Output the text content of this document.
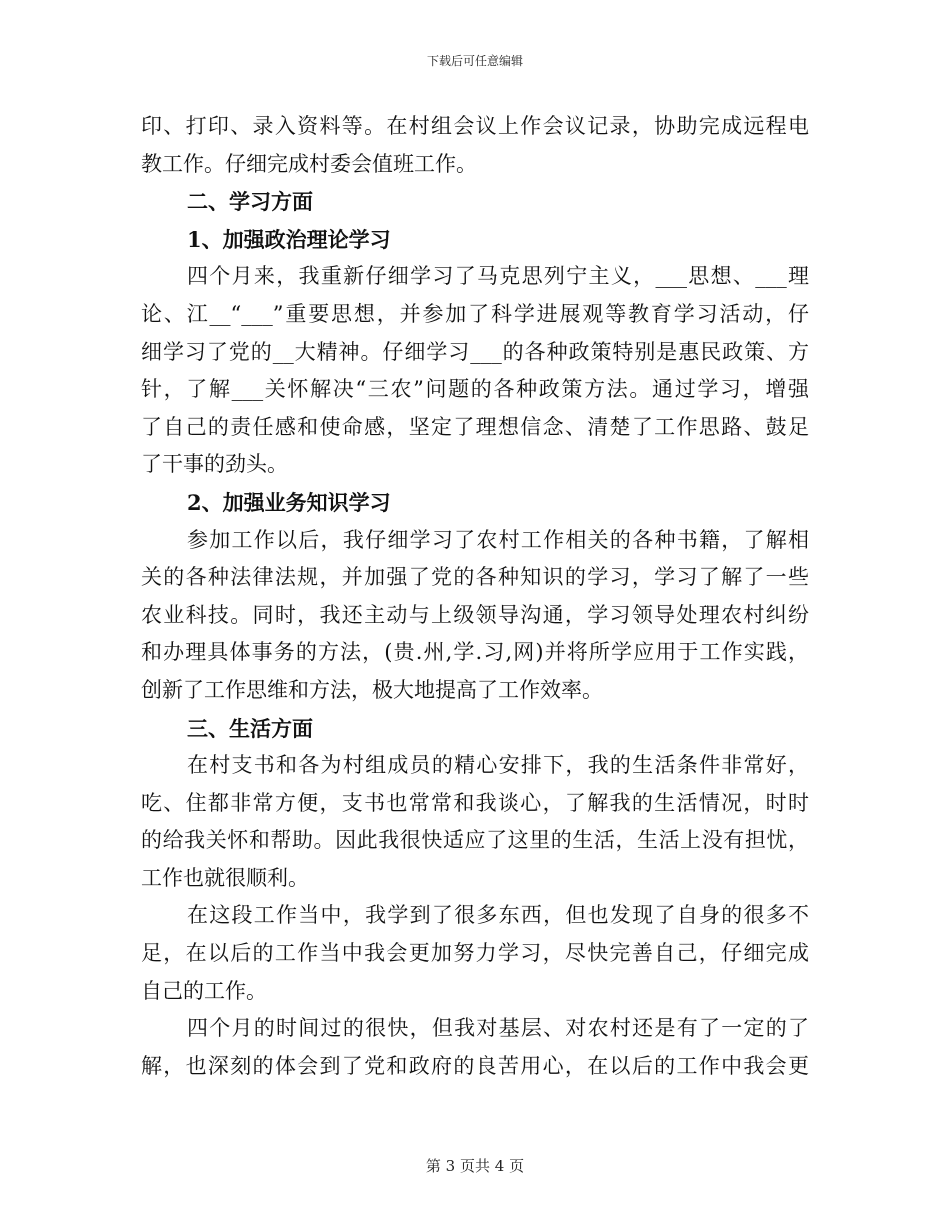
下载后可任意编辑
印、打印、录入资料等。在村组会议上作会议记录，协助完成远程电
教工作。仔细完成村委会值班工作。
二、学习方面
1、加强政治理论学习
四个月来，我重新仔细学习了马克思列宁主义，___思想、___理
论、江__“___”重要思想，并参加了科学进展观等教育学习活动，仔
细学习了党的__大精神。仔细学习___的各种政策特别是惠民政策、方
针，了解___关怀解决“三农”问题的各种政策方法。通过学习，增强
了自己的责任感和使命感，坚定了理想信念、清楚了工作思路、鼓足
了干事的劲头。
2、加强业务知识学习
参加工作以后，我仔细学习了农村工作相关的各种书籍，了解相
关的各种法律法规，并加强了党的各种知识的学习，学习了解了一些
农业科技。同时，我还主动与上级领导沟通，学习领导处理农村纠纷
和办理具体事务的方法，(贵.州,学.习,网)并将所学应用于工作实践，
创新了工作思维和方法，极大地提高了工作效率。
三、生活方面
在村支书和各为村组成员的精心安排下，我的生活条件非常好，
吃、住都非常方便，支书也常常和我谈心，了解我的生活情况，时时
的给我关怀和帮助。因此我很快适应了这里的生活，生活上没有担忧，
工作也就很顺利。
在这段工作当中，我学到了很多东西，但也发现了自身的很多不
足，在以后的工作当中我会更加努力学习，尽快完善自己，仔细完成
自己的工作。
四个月的时间过的很快，但我对基层、对农村还是有了一定的了
解，也深刻的体会到了党和政府的良苦用心，在以后的工作中我会更
第 3 页共 4 页
